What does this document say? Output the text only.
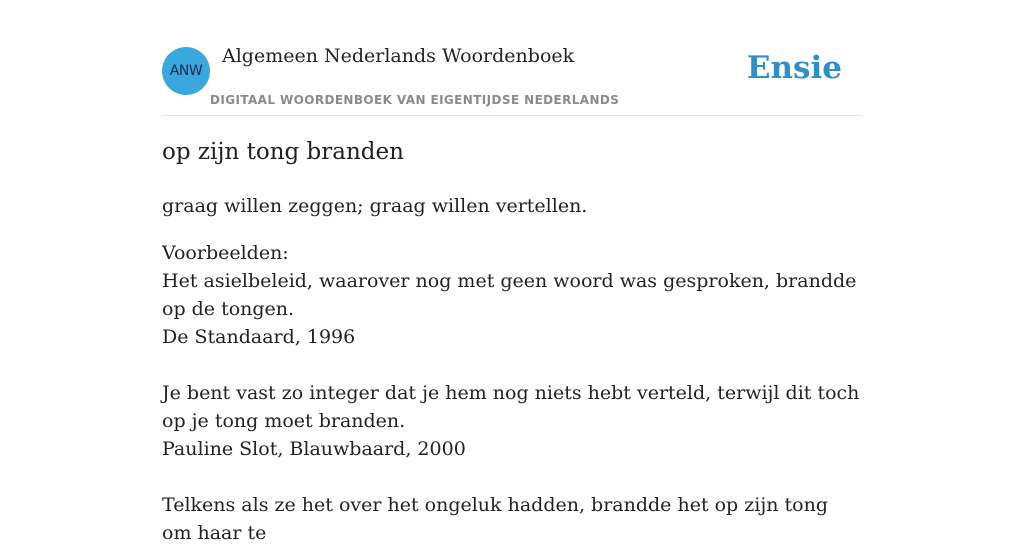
ANW
Algemeen Nederlands Woordenboek
DIGITAAL WOORDENBOEK VAN EIGENTIJDSE NEDERLANDS
Ensie
op zijn tong branden

graag willen zeggen; graag willen vertellen.

Voorbeelden:

Het asielbeleid, waarover nog met geen woord was gesproken, brandde op de tongen.

De Standaard, 1996

Je bent vast zo integer dat je hem nog niets hebt verteld, terwijl dit toch op je tong moet branden.

Pauline Slot, Blauwbaard, 2000

Telkens als ze het over het ongeluk hadden, brandde het op zijn tong om haar te
